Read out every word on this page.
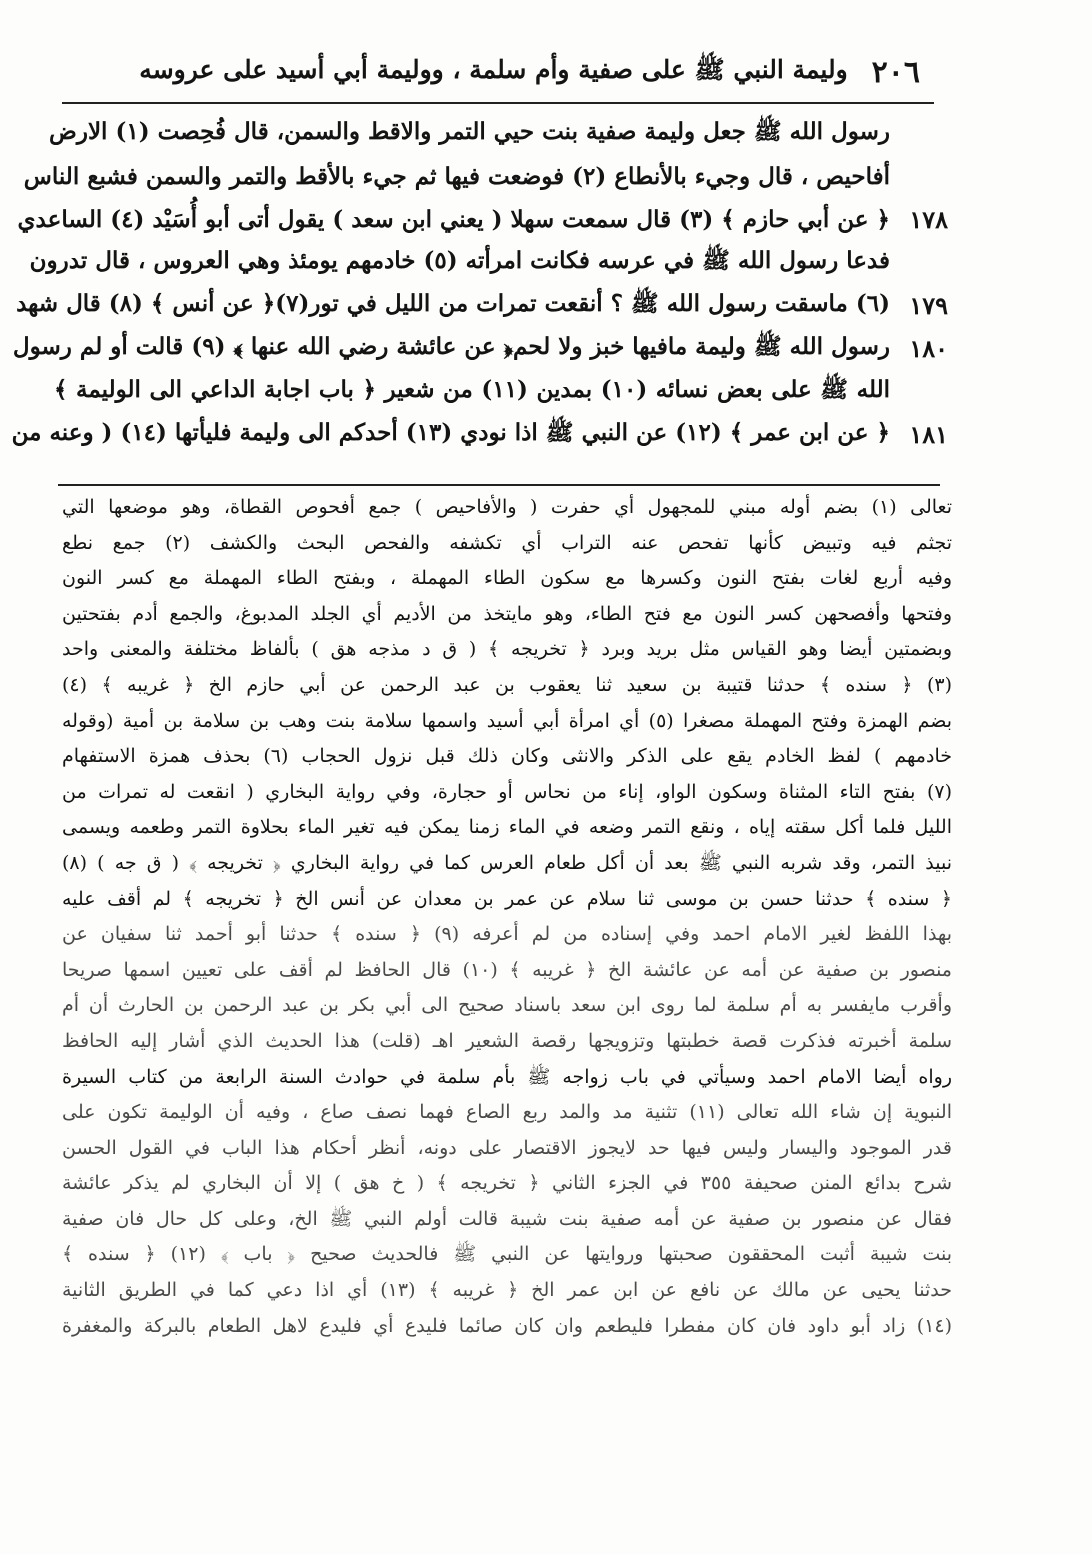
٢٠٦
وليمة النبي ﷺ على صفية وأم سلمة ، ووليمة أبي أسيد على عروسه
رسول الله ﷺ جعل وليمة صفية بنت حيي التمر والاقط والسمن، قال فُحِصت (١) الارض
أفاحيص ، قال وجيء بالأنطاع (٢) فوضعت فيها ثم جيء بالأقط والتمر والسمن فشبع الناس
١٧٨
﴿ عن أبي حازم ﴾ (٣) قال سمعت سهلا ( يعني ابن سعد ) يقول أتى أبو أُسَيْد (٤) الساعدي
فدعا رسول الله ﷺ في عرسه فكانت امرأته (٥) خادمهم يومئذ وهي العروس ، قال تدرون
١٧٩
(٦) ماسقت رسول الله ﷺ ؟ أنقعت تمرات من الليل في تور(٧)﴿ عن أنس ﴾ (٨) قال شهد
١٨٠
رسول الله ﷺ وليمة مافيها خبز ولا لحم﴿ عن عائشة رضي الله عنها ﴾ (٩) قالت أو لم رسول
الله ﷺ على بعض نسائه (١٠) بمدين (١١) من شعير ﴿ باب اجابة الداعي الى الوليمة ﴾
١٨١
﴿ عن ابن عمر ﴾ (١٢) عن النبي ﷺ اذا نودي (١٣) أحدكم الى وليمة فليأتها (١٤) ( وعنه من
تعالى (١) بضم أوله مبني للمجهول أي حفرت ( والأفاحيص ) جمع أفحوص القطاة، وهو موضعها التي
تجثم فيه وتبيض كأنها تفحص عنه التراب أي تكشفه والفحص البحث والكشف (٢) جمع نطع
وفيه أربع لغات بفتح النون وكسرها مع سكون الطاء المهملة ، وبفتح الطاء المهملة مع كسر النون
وفتحها وأفصحهن كسر النون مع فتح الطاء، وهو مايتخذ من الأديم أي الجلد المدبوغ، والجمع أدم بفتحتين
وبضمتين أيضا وهو القياس مثل بريد وبرد ﴿ تخريجه ﴾ ( ق د مذجه هق ) بألفاظ مختلفة والمعنى واحد
(٣) ﴿ سنده ﴾ حدثنا قتيبة بن سعيد ثنا يعقوب بن عبد الرحمن عن أبي حازم الخ ﴿ غريبه ﴾ (٤)
بضم الهمزة وفتح المهملة مصغرا (٥) أي امرأة أبي أسيد واسمها سلامة بنت وهب بن سلامة بن أمية (وقوله
خادمهم ) لفظ الخادم يقع على الذكر والانثى وكان ذلك قبل نزول الحجاب (٦) بحذف همزة الاستفهام
(٧) بفتح التاء المثناة وسكون الواو، إناء من نحاس أو حجارة، وفي رواية البخاري ( انقعت له تمرات من
الليل فلما أكل سقته إياه ، ونقع التمر وضعه في الماء زمنا يمكن فيه تغير الماء بحلاوة التمر وطعمه ويسمى
نبيذ التمر، وقد شربه النبي ﷺ بعد أن أكل طعام العرس كما في رواية البخاري ﴿ تخريجه ﴾ ( ق جه ) (٨)
﴿ سنده ﴾ حدثنا حسن بن موسى ثنا سلام عن عمر بن معدان عن أنس الخ ﴿ تخريجه ﴾ لم أقف عليه
بهذا اللفظ لغير الامام احمد وفي إسناده من لم أعرفه (٩) ﴿ سنده ﴾ حدثنا أبو أحمد ثنا سفيان عن
منصور بن صفية عن أمه عن عائشة الخ ﴿ غريبه ﴾ (١٠) قال الحافظ لم أقف على تعيين اسمها صريحا
وأقرب مايفسر به أم سلمة لما روى ابن سعد باسناد صحيح الى أبي بكر بن عبد الرحمن بن الحارث أن أم
سلمة أخبرته فذكرت قصة خطبتها وتزويجها رقصة الشعير اهـ (قلت) هذا الحديث الذي أشار إليه الحافظ
رواه أيضا الامام احمد وسيأتي في باب زواجه ﷺ بأم سلمة في حوادث السنة الرابعة من كتاب السيرة
النبوية إن شاء الله تعالى (١١) تثنية مد والمد ربع الصاع فهما نصف صاع ، وفيه أن الوليمة تكون على
قدر الموجود واليسار وليس فيها حد لايجوز الاقتصار على دونه، أنظر أحكام هذا الباب في القول الحسن
شرح بدائع المنن صحيفة ٣٥٥ في الجزء الثاني ﴿ تخريجه ﴾ ( خ هق ) إلا أن البخاري لم يذكر عائشة
فقال عن منصور بن صفية عن أمه صفية بنت شيبة قالت أولم النبي ﷺ الخ، وعلى كل حال فان صفية
بنت شيبة أثبت المحققون صحبتها وروايتها عن النبي ﷺ فالحديث صحيح ﴿ باب ﴾ (١٢) ﴿ سنده ﴾
حدثنا يحيى عن مالك عن نافع عن ابن عمر الخ ﴿ غريبه ﴾ (١٣) أي اذا دعي كما في الطريق الثانية
(١٤) زاد أبو داود فان كان مفطرا فليطعم وان كان صائما فليدع أي فليدع لاهل الطعام بالبركة والمغفرة
